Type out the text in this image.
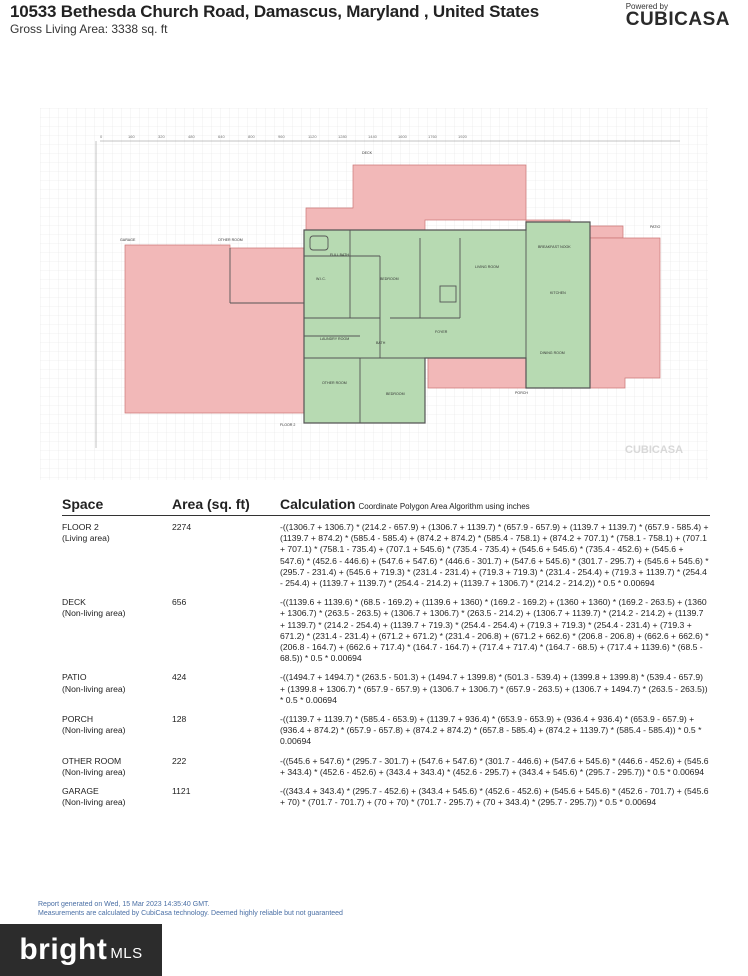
10533 Bethesda Church Road, Damascus, Maryland , United States
Gross Living Area: 3338 sq. ft
Powered by
CUBICASA
0	160	320	480	640	800	960	1120	1280	1440	1600	1760	1920
DECK
GARAGE	OTHER ROOM
PATIO
FULL BATH
W.I.C.	BEDROOM
LIVING ROOM
BREAKFAST NOOK
KITCHEN
LAUNDRY ROOM
DINING ROOM
FOYER
PORCH
BATH
OTHER ROOM
BEDROOM
FLOOR 2
CUBICASA
Space	Area (sq. ft)	Calculation Coordinate Polygon Area Algorithm using inches
FLOOR 2
(Living area)
2274	-((1306.7 + 1306.7) * (214.2 - 657.9) + (1306.7 + 1139.7) * (657.9 - 657.9) + (1139.7 + 1139.7) * (657.9 - 585.4) + (1139.7 + 874.2) * (585.4 - 585.4) + (874.2 + 874.2) * (585.4 - 758.1) + (874.2 + 707.1) * (758.1 - 758.1) + (707.1 + 707.1) * (758.1 - 735.4) + (707.1 + 545.6) * (735.4 - 735.4) + (545.6 + 545.6) * (735.4 - 452.6) + (545.6 + 547.6) * (452.6 - 446.6) + (547.6 + 547.6) * (446.6 - 301.7) + (547.6 + 545.6) * (301.7 - 295.7) + (545.6 + 545.6) * (295.7 - 231.4) + (545.6 + 719.3) * (231.4 - 231.4) + (719.3 + 719.3) * (231.4 - 254.4) + (719.3 + 1139.7) * (254.4 - 254.4) + (1139.7 + 1139.7) * (254.4 - 214.2) + (1139.7 + 1306.7) * (214.2 - 214.2)) * 0.5 * 0.00694
DECK
(Non-living area)
656	-((1139.6 + 1139.6) * (68.5 - 169.2) + (1139.6 + 1360) * (169.2 - 169.2) + (1360 + 1360) * (169.2 - 263.5) + (1360 + 1306.7) * (263.5 - 263.5) + (1306.7 + 1306.7) * (263.5 - 214.2) + (1306.7 + 1139.7) * (214.2 - 214.2) + (1139.7 + 1139.7) * (214.2 - 254.4) + (1139.7 + 719.3) * (254.4 - 254.4) + (719.3 + 719.3) * (254.4 - 231.4) + (719.3 + 671.2) * (231.4 - 231.4) + (671.2 + 671.2) * (231.4 - 206.8) + (671.2 + 662.6) * (206.8 - 206.8) + (662.6 + 662.6) * (206.8 - 164.7) + (662.6 + 717.4) * (164.7 - 164.7) + (717.4 + 717.4) * (164.7 - 68.5) + (717.4 + 1139.6) * (68.5 - 68.5)) * 0.5 * 0.00694
PATIO
(Non-living area)
424	-((1494.7 + 1494.7) * (263.5 - 501.3) + (1494.7 + 1399.8) * (501.3 - 539.4) + (1399.8 + 1399.8) * (539.4 - 657.9) + (1399.8 + 1306.7) * (657.9 - 657.9) + (1306.7 + 1306.7) * (657.9 - 263.5) + (1306.7 + 1494.7) * (263.5 - 263.5)) * 0.5 * 0.00694
PORCH
(Non-living area)
128	-((1139.7 + 1139.7) * (585.4 - 653.9) + (1139.7 + 936.4) * (653.9 - 653.9) + (936.4 + 936.4) * (653.9 - 657.9) + (936.4 + 874.2) * (657.9 - 657.8) + (874.2 + 874.2) * (657.8 - 585.4) + (874.2 + 1139.7) * (585.4 - 585.4)) * 0.5 * 0.00694
OTHER ROOM
(Non-living area)
222	-((545.6 + 547.6) * (295.7 - 301.7) + (547.6 + 547.6) * (301.7 - 446.6) + (547.6 + 545.6) * (446.6 - 452.6) + (545.6 + 343.4) * (452.6 - 452.6) + (343.4 + 343.4) * (452.6 - 295.7) + (343.4 + 545.6) * (295.7 - 295.7)) * 0.5 * 0.00694
GARAGE
(Non-living area)
1121	-((343.4 + 343.4) * (295.7 - 452.6) + (343.4 + 545.6) * (452.6 - 452.6) + (545.6 + 545.6) * (452.6 - 701.7) + (545.6 + 70) * (701.7 - 701.7) + (70 + 70) * (701.7 - 295.7) + (70 + 343.4) * (295.7 - 295.7)) * 0.5 * 0.00694
Report generated on Wed, 15 Mar 2023 14:35:40 GMT.
Measurements are calculated by CubiCasa technology. Deemed highly reliable but not guaranteed
bright MLS
